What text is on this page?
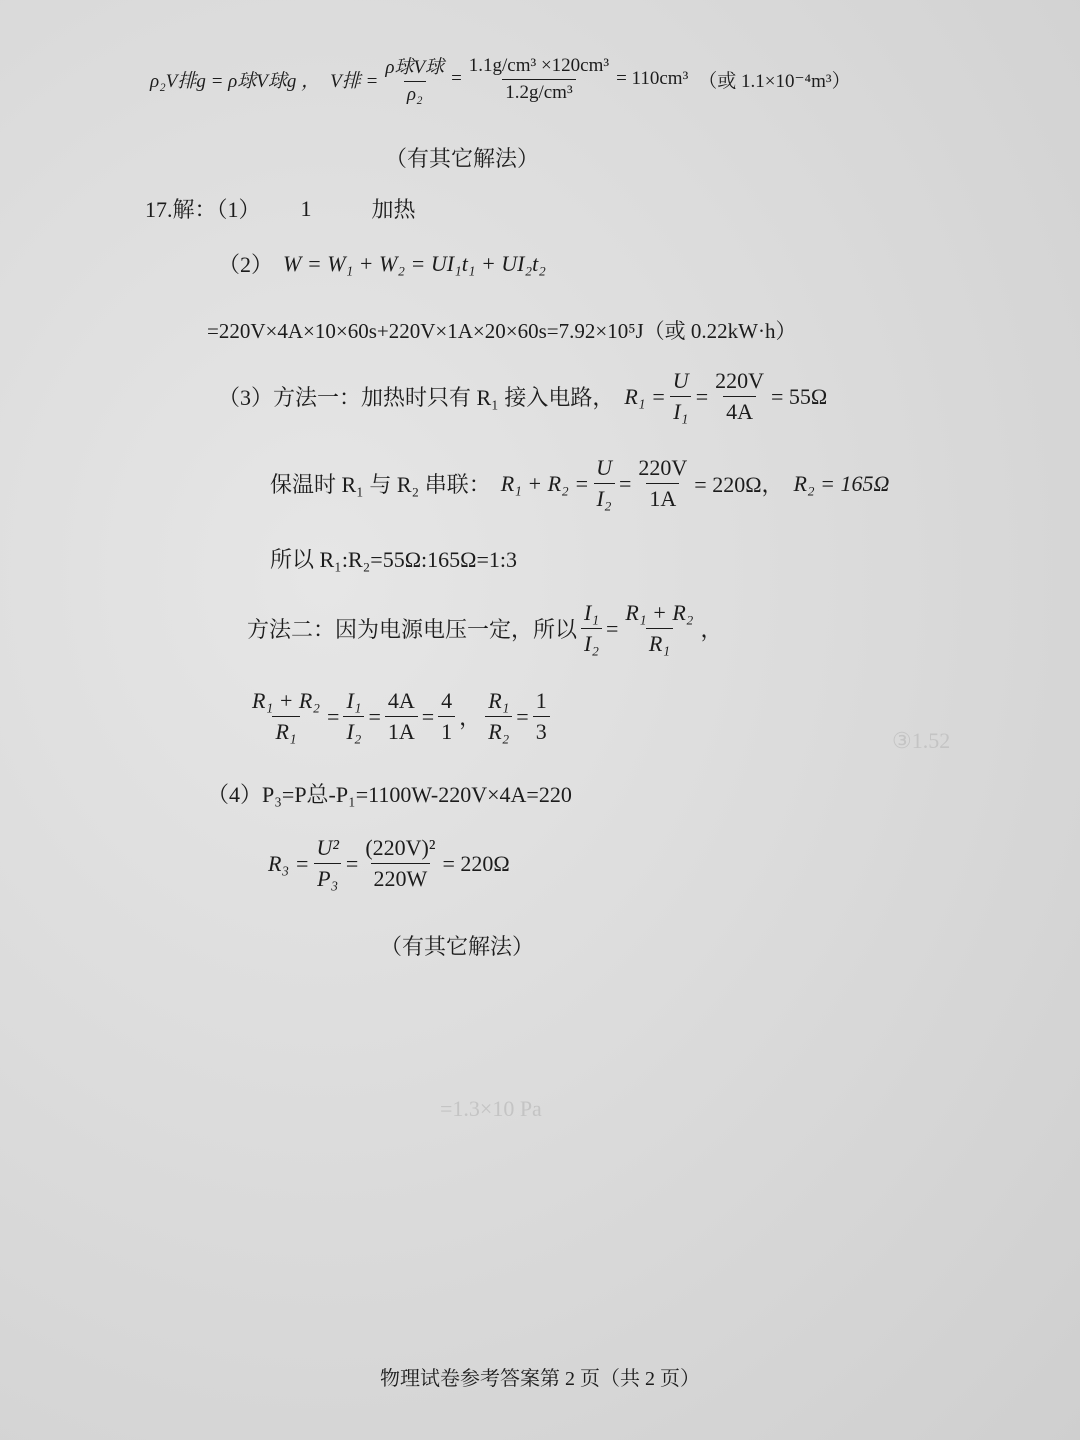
ρ₂V排g = ρ球V球g ， V排 = $\frac{\text{ρ球V球}}{\text{ρ₂}} = \frac{\text{1.1g/cm³ ×120cm³}}{\text{1.2g/cm³}} = 110cm^3$ （或 1.1×10⁻⁴m³）
（有其它解法）
17.解：（1） 1	加热
（2） W = W₁ + W₂ = UI₁t₁ + UI₂t₂
=220V×4A×10×60s+220V×1A×20×60s=7.92×10⁵J（或 0.22kW·h）
（3）方法一：加热时只有 R₁ 接入电路， $R_1 = \frac{U}{\text{I₁}} = \frac{220V}{4A} = 55\Omega$
保温时 R₁ 与 R₂ 串联： $R_1 + R_2 = \frac{U}{\text{I₂}} = \frac{220V}{1A} = 220\Omega$， R₂ = 165Ω
所以 R₁:R₂=55Ω:165Ω=1:3
方法二：因为电源电压一定，所以 $\frac{\text{I₁}}{\text{I₂}} = \frac{\text{R₁ + R₂}}{\text{R₁}}$ ，
$\frac{\text{R₁ + R₂}}{\text{R₁}} = \frac{\text{I₁}}{\text{I₂}} = \frac{4A}{1A} = \frac{4}{1}$ ， $\frac{\text{R₁}}{\text{R₂}} = \frac{1}{3}$
（4）P₃=P总-P₁=1100W-220V×4A=220
$R_3 = \frac{\text{U²}}{\text{P₃}} = \frac{\text{(220V)²}}{220W} = 220\Omega$
（有其它解法）
③1.52
=1.3×10 Pa
物理试卷参考答案第 2 页（共 2 页）
